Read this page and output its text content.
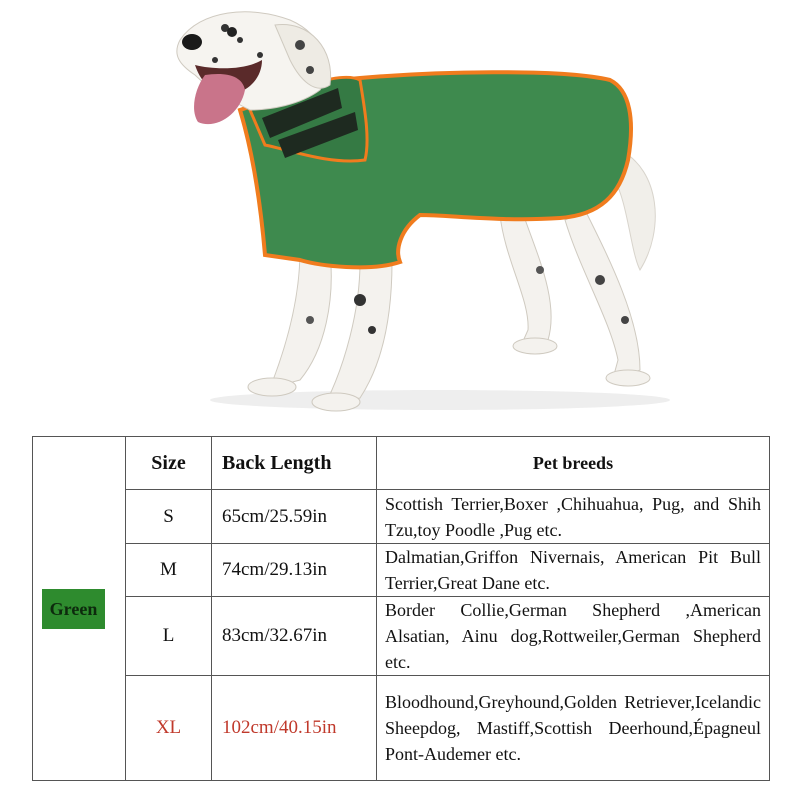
Green	Size	Back Length	Pet breeds
	S	65cm/25.59in	Scottish Terrier,Boxer ,Chihuahua, Pug, and Shih Tzu,toy Poodle ,Pug etc.

	M	74cm/29.13in	Dalmatian,Griffon Nivernais, American Pit Bull Terrier,Great Dane etc.

	L	83cm/32.67in	Border Collie,German Shepherd ,American Alsatian, Ainu dog,Rottweiler,German Shepherd etc.

	XL	102cm/40.15in	Bloodhound,Greyhound,Golden Retriever,Icelandic Sheepdog, Mastiff,Scottish Deerhound,Épagneul Pont-Audemer etc.
